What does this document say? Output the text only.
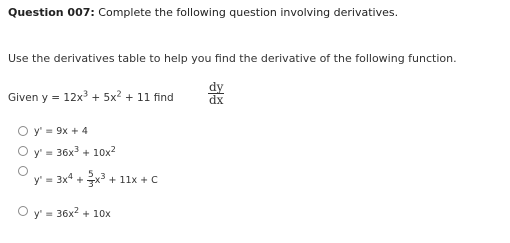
Question 007: Complete the following question involving derivatives.
Use the derivatives table to help you find the derivative of the following function.
Given $y = 12x^3 + 5x^2 + 11$ find	$\frac{dy}{dx}$
y' = 9x + 4
$y' = 36x^3 + 10x^2$
$y' = 3x^4 + \frac{5}{3} x^3 + 11x + C$
$y' = 36x^2 + 10x$
